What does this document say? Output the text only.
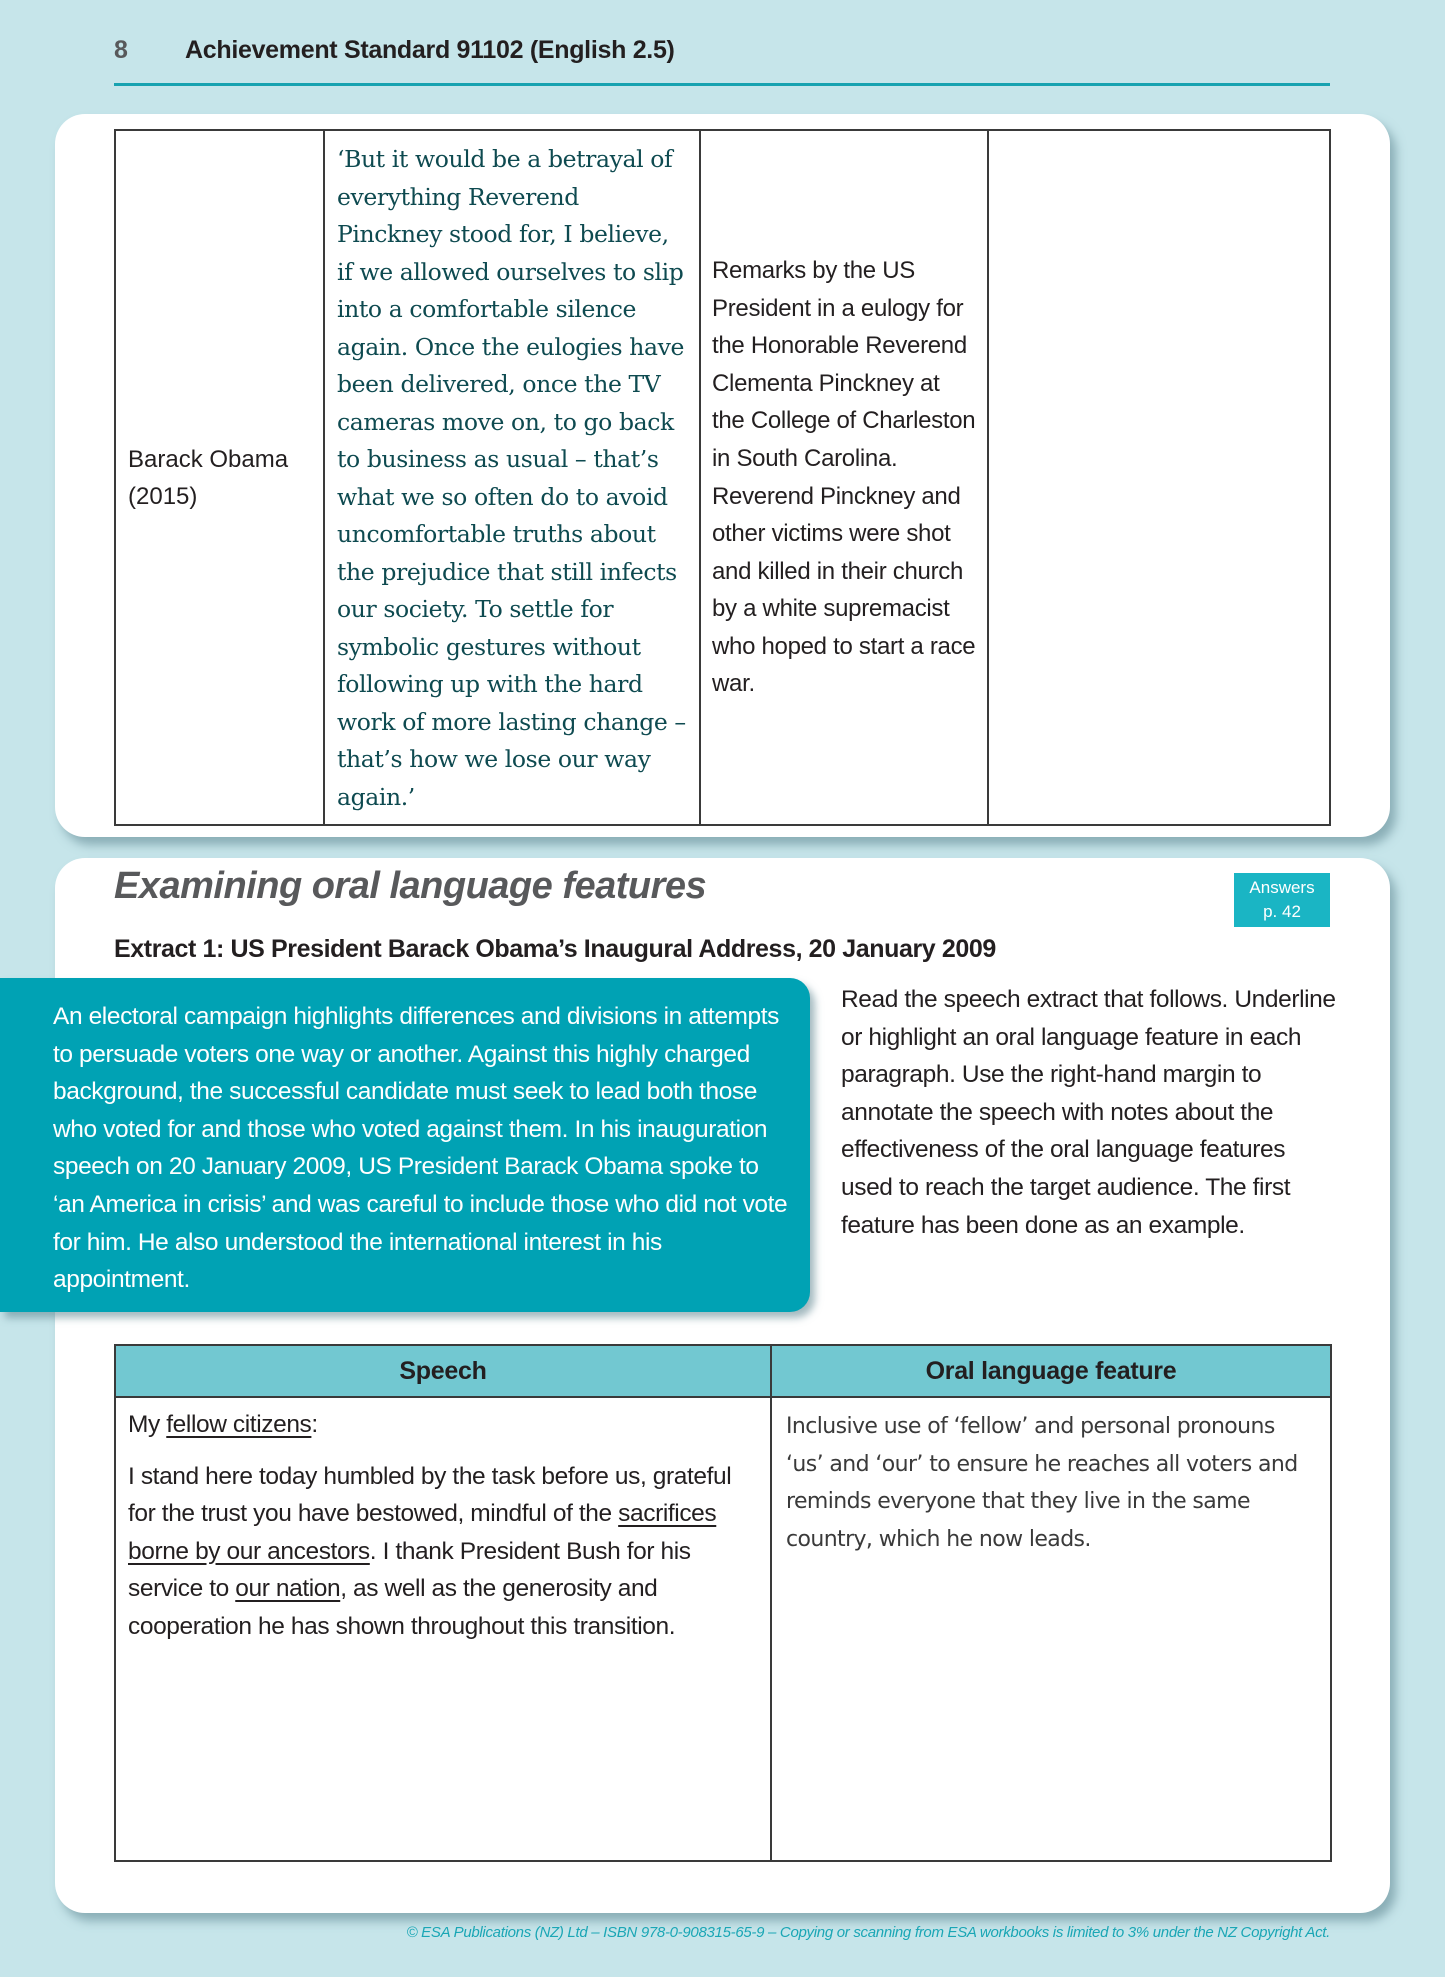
8	Achievement Standard 91102 (English 2.5)
Barack Obama
(2015)
	‘But it would be a betrayal of everything Reverend Pinckney stood for, I believe, if we allowed ourselves to slip into a comfortable silence again. Once the eulogies have been delivered, once the TV cameras move on, to go back to business as usual – that’s what we so often do to avoid uncomfortable truths about the prejudice that still infects our society. To settle for symbolic gestures without following up with the hard work of more lasting change – that’s how we lose our way again.’	Remarks by the US President in a eulogy for the Honorable Reverend Clementa Pinckney at the College of Charleston in South Carolina. Reverend Pinckney and other victims were shot and killed in their church by a white supremacist who hoped to start a race war.	
Examining oral language features	Answers
p. 42
Extract 1: US President Barack Obama’s Inaugural Address, 20 January 2009
An electoral campaign highlights differences and divisions in attempts to persuade voters one way or another. Against this highly charged background, the successful candidate must seek to lead both those who voted for and those who voted against them. In his inauguration speech on 20 January 2009, US President Barack Obama spoke to ‘an America in crisis’ and was careful to include those who did not vote for him. He also understood the international interest in his appointment.
Read the speech extract that follows. Underline or highlight an oral language feature in each paragraph. Use the right-hand margin to annotate the speech with notes about the effectiveness of the oral language features used to reach the target audience. The first feature has been done as an example.
Speech	Oral language feature

My fellow citizens:

I stand here today humbled by the task before us, grateful for the trust you have bestowed, mindful of the sacrifices borne by our ancestors. I thank President Bush for his service to our nation, as well as the generosity and cooperation he has shown throughout this transition.	Inclusive use of ‘fellow’ and personal pronouns ‘us’ and ‘our’ to ensure he reaches all voters and reminds everyone that they live in the same country, which he now leads.
© ESA Publications (NZ) Ltd – ISBN 978-0-908315-65-9 – Copying or scanning from ESA workbooks is limited to 3% under the NZ Copyright Act.
